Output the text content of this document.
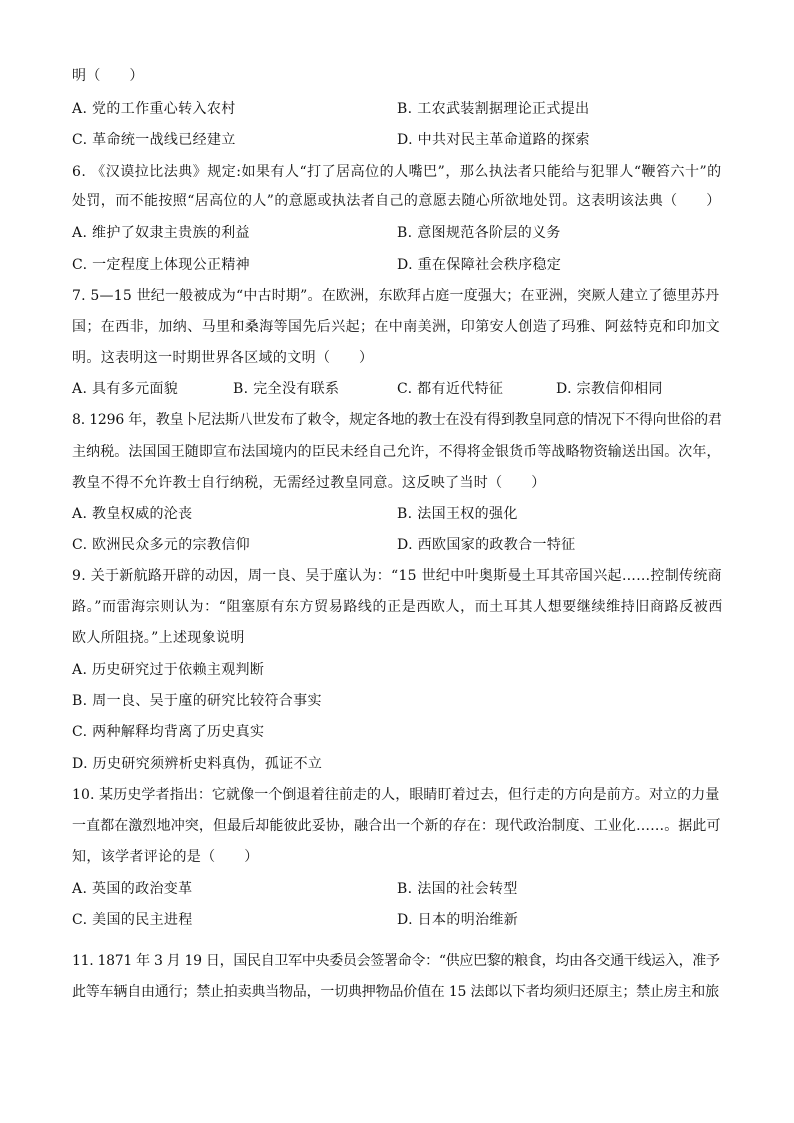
明（　　）
A. 党的工作重心转入农村	B. 工农武装割据理论正式提出
C. 革命统一战线已经建立	D. 中共对民主革命道路的探索
6. 《汉谟拉比法典》规定:如果有人“打了居高位的人嘴巴”，那么执法者只能给与犯罪人“鞭笞六十”的
处罚，而不能按照“居高位的人”的意愿或执法者自己的意愿去随心所欲地处罚。这表明该法典（　　）
A. 维护了奴隶主贵族的利益	B. 意图规范各阶层的义务
C. 一定程度上体现公正精神	D. 重在保障社会秩序稳定
7. 5—15 世纪一般被成为“中古时期”。在欧洲，东欧拜占庭一度强大；在亚洲，突厥人建立了德里苏丹
国；在西非，加纳、马里和桑海等国先后兴起；在中南美洲，印第安人创造了玛雅、阿兹特克和印加文
明。这表明这一时期世界各区域的文明（　　）
A. 具有多元面貌	B. 完全没有联系	C. 都有近代特征	D. 宗教信仰相同
8. 1296 年，教皇卜尼法斯八世发布了敕令，规定各地的教士在没有得到教皇同意的情况下不得向世俗的君
主纳税。法国国王随即宣布法国境内的臣民未经自己允许，不得将金银货币等战略物资输送出国。次年，
教皇不得不允许教士自行纳税，无需经过教皇同意。这反映了当时（　　）
A. 教皇权威的沦丧	B. 法国王权的强化
C. 欧洲民众多元的宗教信仰	D. 西欧国家的政教合一特征
9. 关于新航路开辟的动因，周一良、吴于廑认为：“15 世纪中叶奥斯曼土耳其帝国兴起……控制传统商
路。”而雷海宗则认为：“阻塞原有东方贸易路线的正是西欧人，而土耳其人想要继续维持旧商路反被西
欧人所阻挠。”上述现象说明
A. 历史研究过于依赖主观判断
B. 周一良、吴于廑的研究比较符合事实
C. 两种解释均背离了历史真实
D. 历史研究须辨析史料真伪，孤证不立
10. 某历史学者指出：它就像一个倒退着往前走的人，眼睛盯着过去，但行走的方向是前方。对立的力量
一直都在激烈地冲突，但最后却能彼此妥协，融合出一个新的存在：现代政治制度、工业化……。据此可
知，该学者评论的是（　　）
A. 英国的政治变革	B. 法国的社会转型
C. 美国的民主进程	D. 日本的明治维新
11. 1871 年 3 月 19 日，国民自卫军中央委员会签署命令：“供应巴黎的粮食，均由各交通干线运入，准予
此等车辆自由通行；禁止拍卖典当物品，一切典押物品价值在 15 法郎以下者均须归还原主；禁止房主和旅
